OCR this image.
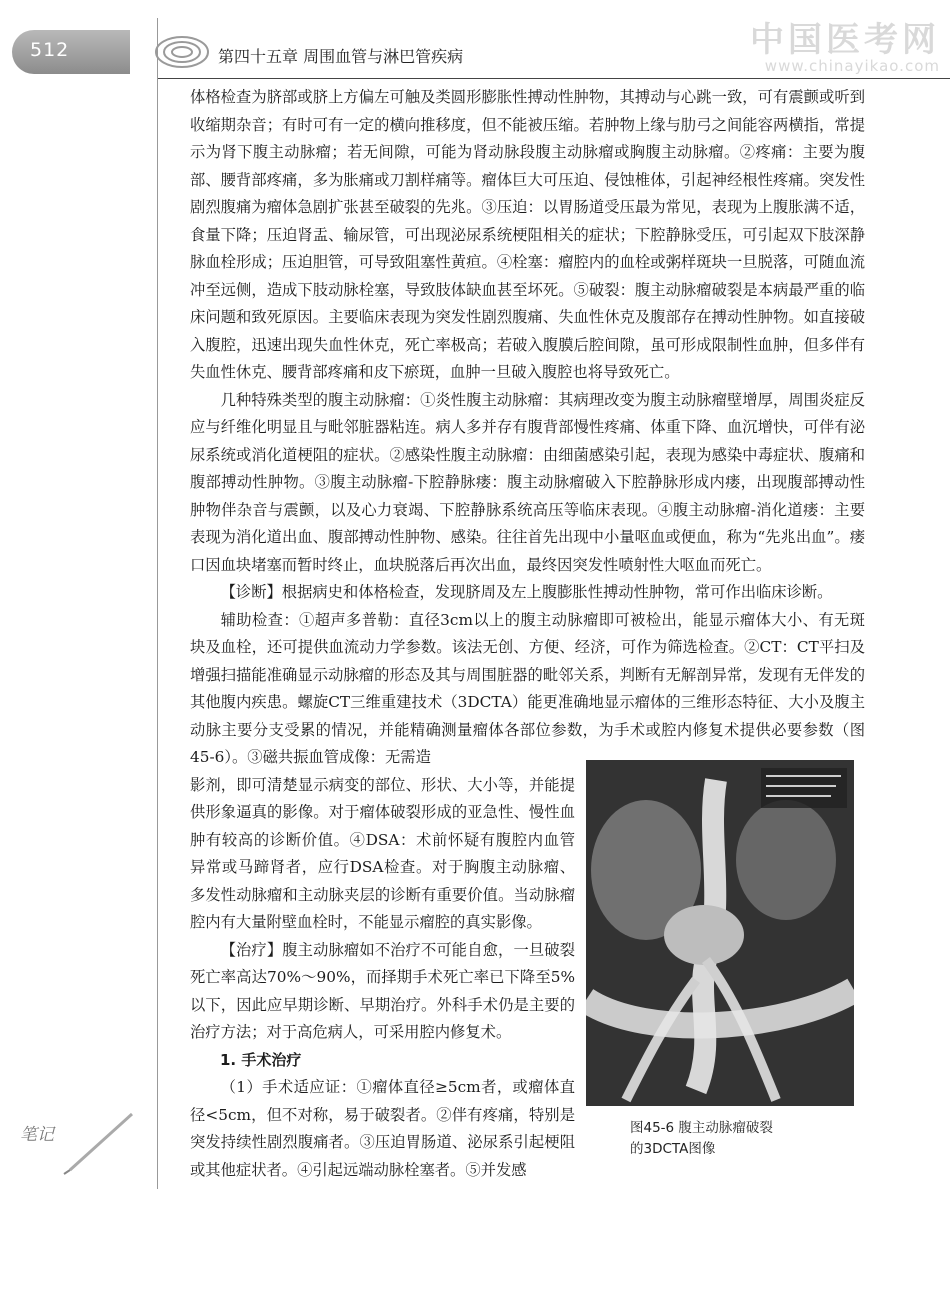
512	第四十五章 周围血管与淋巴管疾病	中国医考网
www.chinayikao.com

体格检查为脐部或脐上方偏左可触及类圆形膨胀性搏动性肿物，其搏动与心跳一致，可有震颤或听到收缩期杂音；有时可有一定的横向推移度，但不能被压缩。若肿物上缘与肋弓之间能容两横指，常提示为肾下腹主动脉瘤；若无间隙，可能为肾动脉段腹主动脉瘤或胸腹主动脉瘤。②疼痛：主要为腹部、腰背部疼痛，多为胀痛或刀割样痛等。瘤体巨大可压迫、侵蚀椎体，引起神经根性疼痛。突发性剧烈腹痛为瘤体急剧扩张甚至破裂的先兆。③压迫：以胃肠道受压最为常见，表现为上腹胀满不适，食量下降；压迫肾盂、输尿管，可出现泌尿系统梗阻相关的症状；下腔静脉受压，可引起双下肢深静脉血栓形成；压迫胆管，可导致阻塞性黄疸。④栓塞：瘤腔内的血栓或粥样斑块一旦脱落，可随血流冲至远侧，造成下肢动脉栓塞，导致肢体缺血甚至坏死。⑤破裂：腹主动脉瘤破裂是本病最严重的临床问题和致死原因。主要临床表现为突发性剧烈腹痛、失血性休克及腹部存在搏动性肿物。如直接破入腹腔，迅速出现失血性休克，死亡率极高；若破入腹膜后腔间隙，虽可形成限制性血肿，但多伴有失血性休克、腰背部疼痛和皮下瘀斑，血肿一旦破入腹腔也将导致死亡。

几种特殊类型的腹主动脉瘤：①炎性腹主动脉瘤：其病理改变为腹主动脉瘤壁增厚，周围炎症反应与纤维化明显且与毗邻脏器粘连。病人多并存有腹背部慢性疼痛、体重下降、血沉增快，可伴有泌尿系统或消化道梗阻的症状。②感染性腹主动脉瘤：由细菌感染引起，表现为感染中毒症状、腹痛和腹部搏动性肿物。③腹主动脉瘤-下腔静脉瘘：腹主动脉瘤破入下腔静脉形成内瘘，出现腹部搏动性肿物伴杂音与震颤，以及心力衰竭、下腔静脉系统高压等临床表现。④腹主动脉瘤-消化道瘘：主要表现为消化道出血、腹部搏动性肿物、感染。往往首先出现中小量呕血或便血，称为“先兆出血”。瘘口因血块堵塞而暂时终止，血块脱落后再次出血，最终因突发性喷射性大呕血而死亡。

【诊断】根据病史和体格检查，发现脐周及左上腹膨胀性搏动性肿物，常可作出临床诊断。

辅助检查：①超声多普勒：直径3cm以上的腹主动脉瘤即可被检出，能显示瘤体大小、有无斑块及血栓，还可提供血流动力学参数。该法无创、方便、经济，可作为筛选检查。②CT：CT平扫及增强扫描能准确显示动脉瘤的形态及其与周围脏器的毗邻关系，判断有无解剖异常，发现有无伴发的其他腹内疾患。螺旋CT三维重建技术（3DCTA）能更准确地显示瘤体的三维形态特征、大小及腹主动脉主要分支受累的情况，并能精确测量瘤体各部位参数，为手术或腔内修复术提供必要参数（图45-6）。③磁共振血管成像：无需造

影剂，即可清楚显示病变的部位、形状、大小等，并能提供形象逼真的影像。对于瘤体破裂形成的亚急性、慢性血肿有较高的诊断价值。④DSA：术前怀疑有腹腔内血管异常或马蹄肾者，应行DSA检查。对于胸腹主动脉瘤、多发性动脉瘤和主动脉夹层的诊断有重要价值。当动脉瘤腔内有大量附壁血栓时，不能显示瘤腔的真实影像。

【治疗】腹主动脉瘤如不治疗不可能自愈，一旦破裂死亡率高达70%～90%，而择期手术死亡率已下降至5%以下，因此应早期诊断、早期治疗。外科手术仍是主要的治疗方法；对于高危病人，可采用腔内修复术。

1. 手术治疗

（1）手术适应证：①瘤体直径≥5cm者，或瘤体直径<5cm，但不对称，易于破裂者。②伴有疼痛，特别是突发持续性剧烈腹痛者。③压迫胃肠道、泌尿系引起梗阻或其他症状者。④引起远端动脉栓塞者。⑤并发感

图45-6 腹主动脉瘤破裂
的3DCTA图像
笔记
